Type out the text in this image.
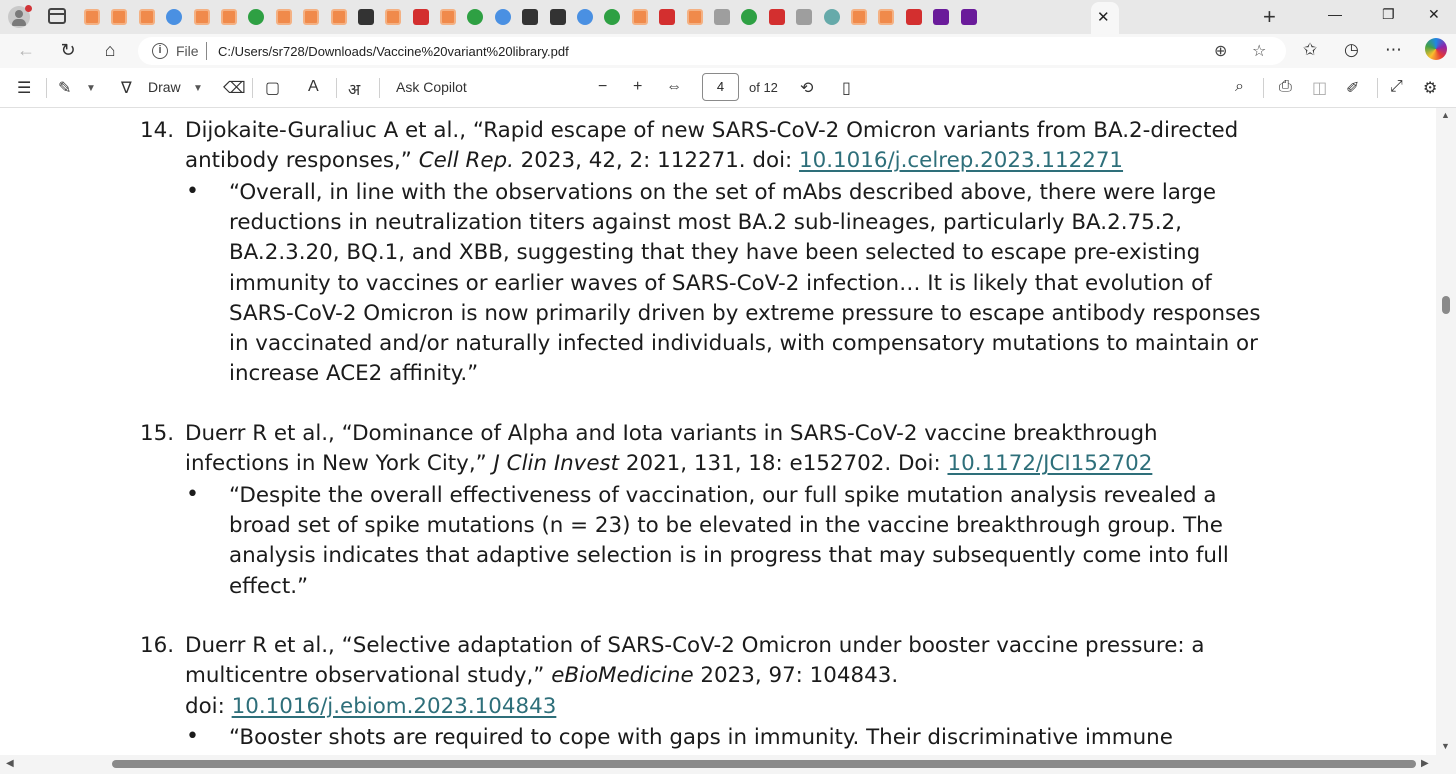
✕	+	—	❐ ✕
← ↻	⌂	i	File C:/Users/sr728/Downloads/Vaccine%20variant%20library.pdf	⊕ ☆ ✩ ◷ ⋯
☰ ✎ ▼ ∇ Draw ▼ ⌫ ▢ A अ	Ask Copilot	− + ⇔	4	of 12 ⟲ ▯	⌕ ⎙ ◫ ✐ ⤢ ⚙
14. Dijokaite-Guraliuc A et al., “Rapid escape of new SARS-CoV-2 Omicron variants from BA.2-directed
antibody responses,” Cell Rep. 2023, 42, 2: 112271. doi: 10.1016/j.celrep.2023.112271
• “Overall, in line with the observations on the set of mAbs described above, there were large
reductions in neutralization titers against most BA.2 sub-lineages, particularly BA.2.75.2,
BA.2.3.20, BQ.1, and XBB, suggesting that they have been selected to escape pre-existing
immunity to vaccines or earlier waves of SARS-CoV-2 infection… It is likely that evolution of
SARS-CoV-2 Omicron is now primarily driven by extreme pressure to escape antibody responses
in vaccinated and/or naturally infected individuals, with compensatory mutations to maintain or
increase ACE2 affinity.”
15. Duerr R et al., “Dominance of Alpha and Iota variants in SARS-CoV-2 vaccine breakthrough
infections in New York City,” J Clin Invest 2021, 131, 18: e152702. Doi: 10.1172/JCI152702
• “Despite the overall effectiveness of vaccination, our full spike mutation analysis revealed a
broad set of spike mutations (n = 23) to be elevated in the vaccine breakthrough group. The
analysis indicates that adaptive selection is in progress that may subsequently come into full
effect.”
16. Duerr R et al., “Selective adaptation of SARS-CoV-2 Omicron under booster vaccine pressure: a
multicentre observational study,” eBioMedicine 2023, 97: 104843.
doi: 10.1016/j.ebiom.2023.104843
• “Booster shots are required to cope with gaps in immunity. Their discriminative immune
▲
▼
◀	▶
